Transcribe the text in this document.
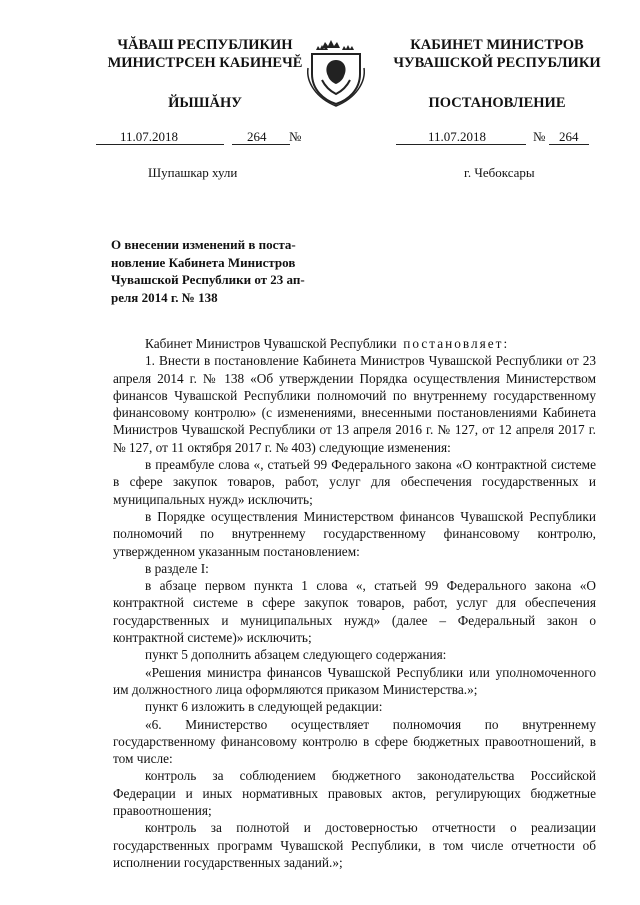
ЧĂВАШ РЕСПУБЛИКИН
МИНИСТРСЕН КАБИНЕЧĔ
ЙЫШĂНУ
11.07.2018	264 №
Шупашкар хули
КАБИНЕТ МИНИСТРОВ
ЧУВАШСКОЙ РЕСПУБЛИКИ
ПОСТАНОВЛЕНИЕ
11.07.2018	№ 264
г. Чебоксары
О внесении изменений в поста-
новление Кабинета Министров
Чувашской Республики от 23 ап-
реля 2014 г. № 138

Кабинет Министров Чувашской Республики постановляет:

1. Внести в постановление Кабинета Министров Чувашской Республики от 23 апреля 2014 г. № 138 «Об утверждении Порядка осуществления Министерством финансов Чувашской Республики полномочий по внутреннему государственному финансовому контролю» (с изменениями, внесенными постановлениями Кабинета Министров Чувашской Республики от 13 апреля 2016 г. № 127, от 12 апреля 2017 г. № 127, от 11 октября 2017 г. № 403) следующие изменения:

в преамбуле слова «, статьей 99 Федерального закона «О контрактной системе в сфере закупок товаров, работ, услуг для обеспечения государственных и муниципальных нужд» исключить;

в Порядке осуществления Министерством финансов Чувашской Республики полномочий по внутреннему государственному финансовому контролю, утвержденном указанным постановлением:

в разделе I:

в абзаце первом пункта 1 слова «, статьей 99 Федерального закона «О контрактной системе в сфере закупок товаров, работ, услуг для обеспечения государственных и муниципальных нужд» (далее – Федеральный закон о контрактной системе)» исключить;

пункт 5 дополнить абзацем следующего содержания:

«Решения министра финансов Чувашской Республики или уполномоченного им должностного лица оформляются приказом Министерства.»;

пункт 6 изложить в следующей редакции:

«6. Министерство осуществляет полномочия по внутреннему государственному финансовому контролю в сфере бюджетных правоотношений, в том числе:

контроль за соблюдением бюджетного законодательства Российской Федерации и иных нормативных правовых актов, регулирующих бюджетные правоотношения;

контроль за полнотой и достоверностью отчетности о реализации государственных программ Чувашской Республики, в том числе отчетности об исполнении государственных заданий.»;
